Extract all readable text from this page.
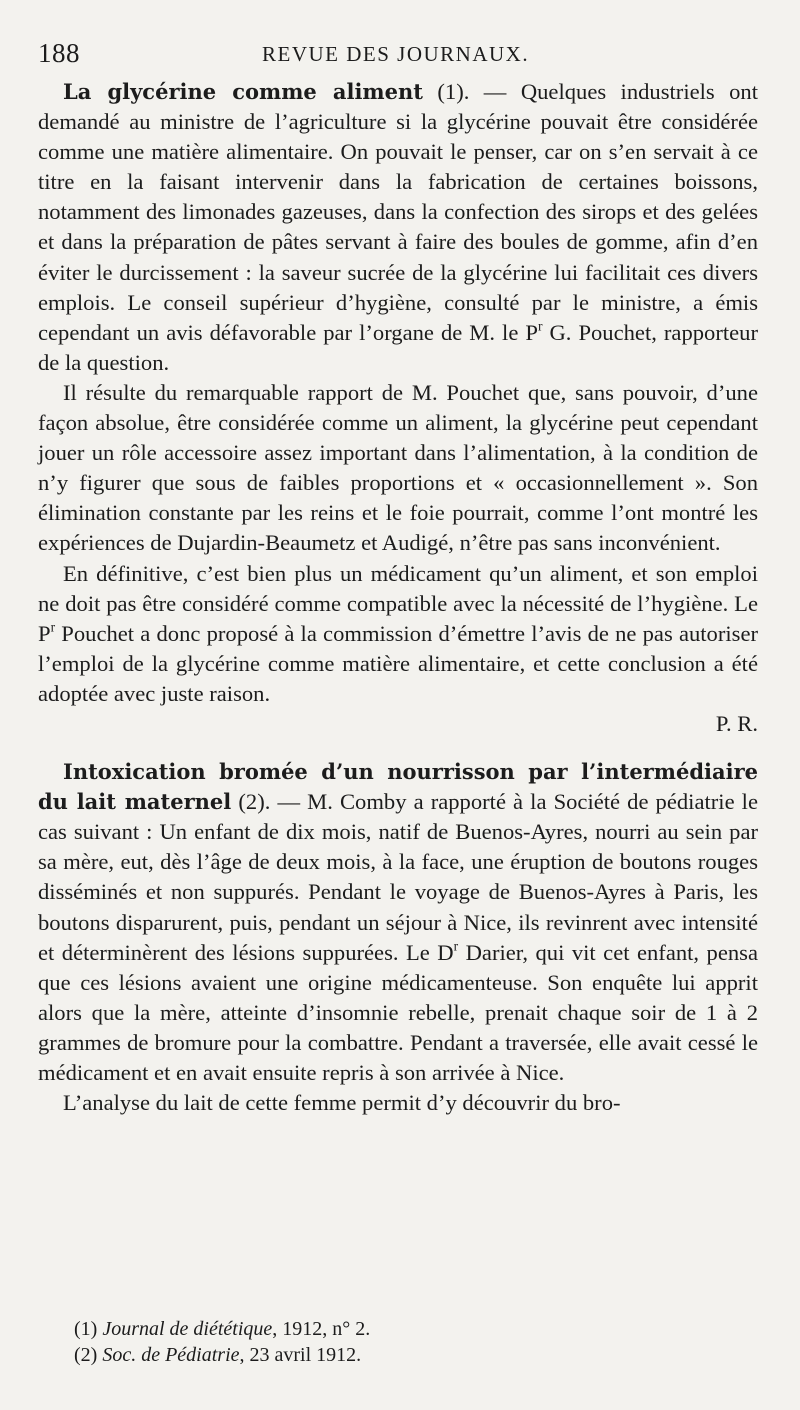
188	REVUE DES JOURNAUX.

La glycérine comme aliment (1). — Quelques industriels ont demandé au ministre de l’agriculture si la glycérine pouvait être considérée comme une matière alimentaire. On pouvait le penser, car on s’en servait à ce titre en la faisant intervenir dans la fabrication de certaines boissons, notamment des limonades gazeuses, dans la confection des sirops et des gelées et dans la préparation de pâtes servant à faire des boules de gomme, afin d’en éviter le durcissement : la saveur sucrée de la glycérine lui facilitait ces divers emplois. Le conseil supérieur d’hygiène, consulté par le ministre, a émis cependant un avis défavorable par l’organe de M. le $P^r$ G. Pouchet, rapporteur de la question.

Il résulte du remarquable rapport de M. Pouchet que, sans pouvoir, d’une façon absolue, être considérée comme un aliment, la glycérine peut cependant jouer un rôle accessoire assez important dans l’alimentation, à la condition de n’y figurer que sous de faibles proportions et « occasionnellement ». Son élimination constante par les reins et le foie pourrait, comme l’ont montré les expériences de Dujardin-Beaumetz et Audigé, n’être pas sans inconvénient.

En définitive, c’est bien plus un médicament qu’un aliment, et son emploi ne doit pas être considéré comme compatible avec la nécessité de l’hygiène. Le $P^r$ Pouchet a donc proposé à la commission d’émettre l’avis de ne pas autoriser l’emploi de la glycérine comme matière alimentaire, et cette conclusion a été adoptée avec juste raison.

P. R.

Intoxication bromée d’un nourrisson par l’intermédiaire du lait maternel (2). — M. Comby a rapporté à la Société de pédiatrie le cas suivant : Un enfant de dix mois, natif de Buenos-Ayres, nourri au sein par sa mère, eut, dès l’âge de deux mois, à la face, une éruption de boutons rouges disséminés et non suppurés. Pendant le voyage de Buenos-Ayres à Paris, les boutons disparurent, puis, pendant un séjour à Nice, ils revinrent avec intensité et déterminèrent des lésions suppurées. Le $D^r$ Darier, qui vit cet enfant, pensa que ces lésions avaient une origine médicamenteuse. Son enquête lui apprit alors que la mère, atteinte d’insomnie rebelle, prenait chaque soir de 1 à 2 grammes de bromure pour la combattre. Pendant a traversée, elle avait cessé le médicament et en avait ensuite repris à son arrivée à Nice.

L’analyse du lait de cette femme permit d’y découvrir du bro-

(1) Journal de diététique, 1912, n° 2.

(2) Soc. de Pédiatrie, 23 avril 1912.
